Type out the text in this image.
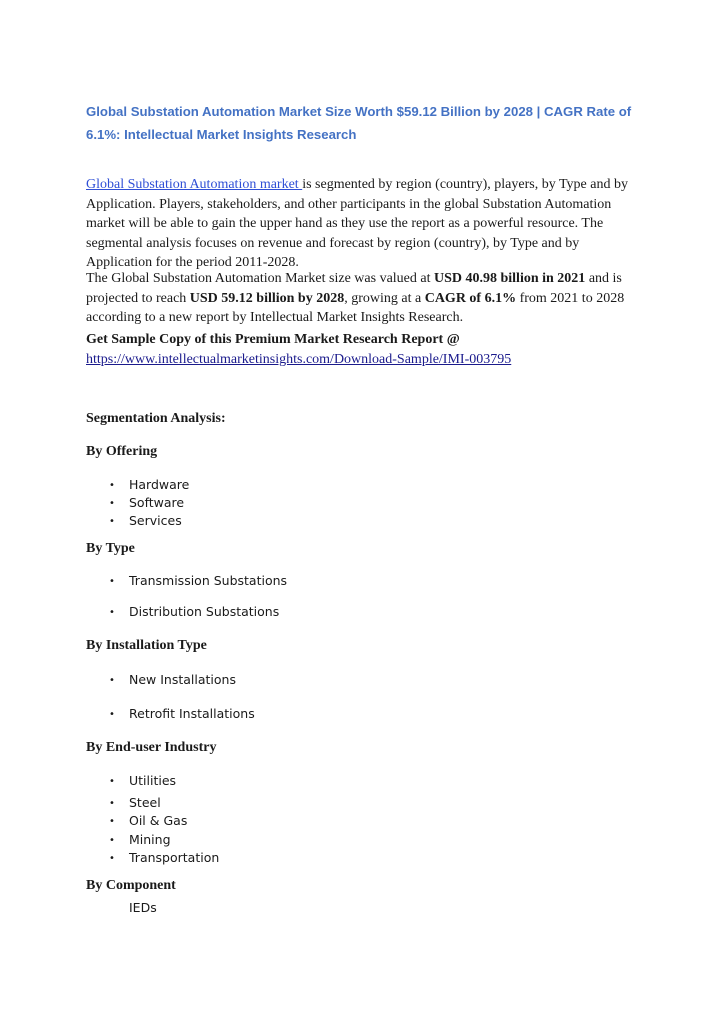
Global Substation Automation Market Size Worth $59.12 Billion by 2028 | CAGR Rate of 6.1%: Intellectual Market Insights Research
Global Substation Automation market is segmented by region (country), players, by Type and by Application. Players, stakeholders, and other participants in the global Substation Automation market will be able to gain the upper hand as they use the report as a powerful resource. The segmental analysis focuses on revenue and forecast by region (country), by Type and by Application for the period 2011-2028.
The Global Substation Automation Market size was valued at USD 40.98 billion in 2021 and is projected to reach USD 59.12 billion by 2028, growing at a CAGR of 6.1% from 2021 to 2028 according to a new report by Intellectual Market Insights Research.
Get Sample Copy of this Premium Market Research Report @
https://www.intellectualmarketinsights.com/Download-Sample/IMI-003795
Segmentation Analysis:
By Offering
• Hardware
• Software
• Services
By Type
• Transmission Substations
• Distribution Substations
By Installation Type
• New Installations
• Retrofit Installations
By End-user Industry
• Utilities
• Steel
• Oil & Gas
• Mining
• Transportation
By Component
IEDs
